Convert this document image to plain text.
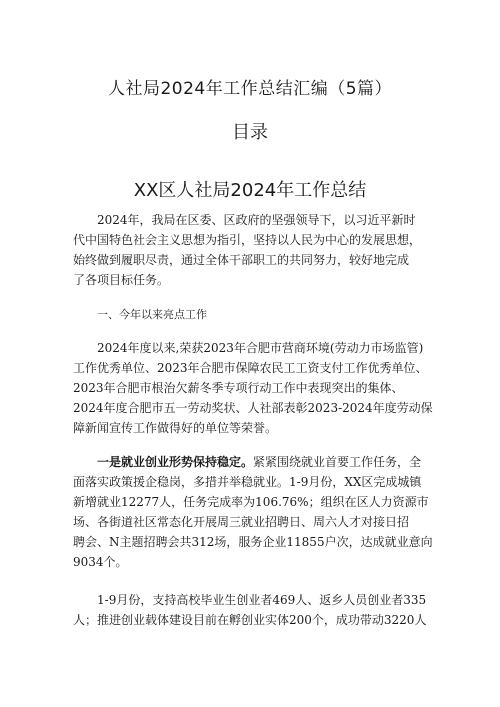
人社局2024年工作总结汇编（5篇）
目录
XX区人社局2024年工作总结
2024年，我局在区委、区政府的坚强领导下，以习近平新时
代中国特色社会主义思想为指引，坚持以人民为中心的发展思想，
始终做到履职尽责，通过全体干部职工的共同努力，较好地完成
了各项目标任务。
一、今年以来亮点工作
2024年度以来,荣获2023年合肥市营商环境(劳动力市场监管)
工作优秀单位、2023年合肥市保障农民工工资支付工作优秀单位、
2023年合肥市根治欠薪冬季专项行动工作中表现突出的集体、
2024年度合肥市五一劳动奖状、人社部表彰2023-2024年度劳动保
障新闻宣传工作做得好的单位等荣誉。
一是就业创业形势保持稳定。紧紧围绕就业首要工作任务，全
面落实政策援企稳岗，多措并举稳就业。1-9月份，XX区完成城镇
新增就业12277人，任务完成率为106.76%；组织在区人力资源市
场、各街道社区常态化开展周三就业招聘日、周六人才对接日招
聘会、N主题招聘会共312场，服务企业11855户次，达成就业意向
9034个。
1-9月份，支持高校毕业生创业者469人、返乡人员创业者335
人；推进创业载体建设目前在孵创业实体200个，成功带动3220人
